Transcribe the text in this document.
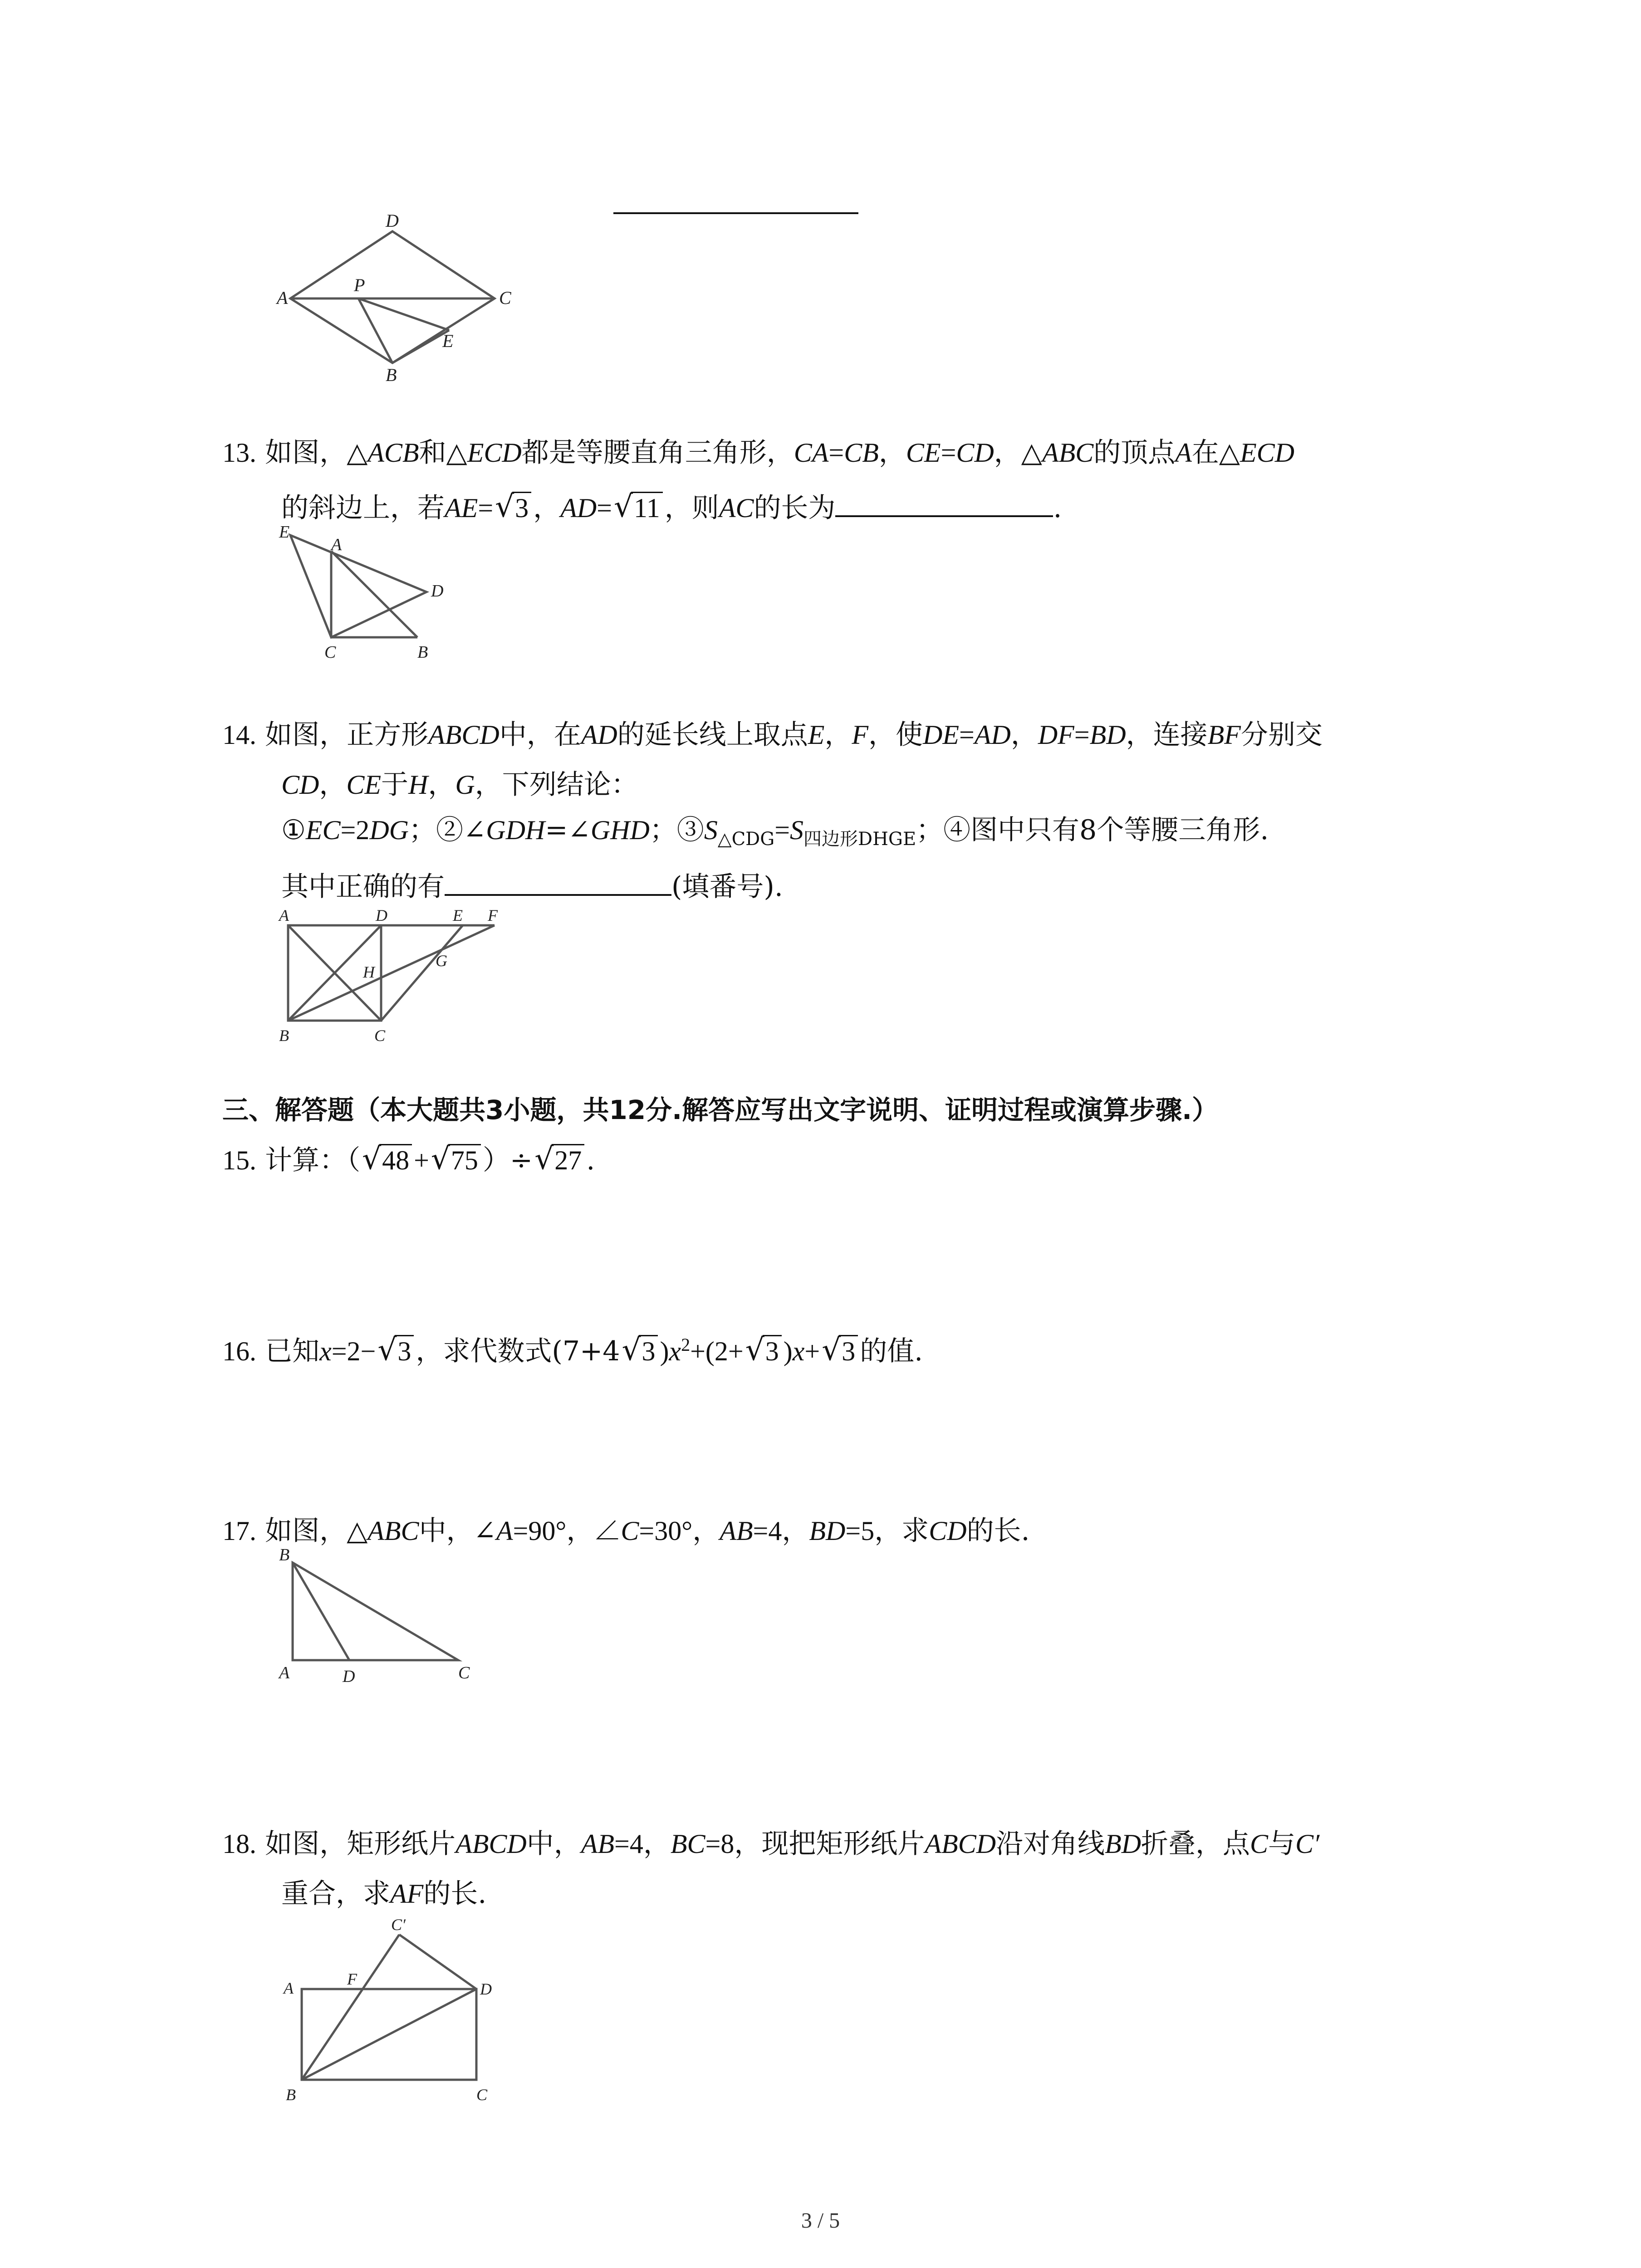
D
A
P
C
E
B
13. 如图，△ACB和△ECD都是等腰直角三角形，CA=CB，CE=CD，△ABC的顶点A在△ECD
的斜边上，若AE= √ 3 ，AD= √ 11 ，则AC的长为	.
E
A
D
C	B
14. 如图，正方形ABCD中，在AD的延长线上取点E，F，使DE=AD，DF=BD，连接BF分别交
CD，CE于H，G，下列结论：
①EC=2DG；②∠GDH=∠GHD；$③S_{\triangle CDG}=S_{四边形DHGE}$；④图中只有8个等腰三角形.
其中正确的有	(填番号).
A	D	E F
H
G
B	C
三、解答题（本大题共3小题，共12分.解答应写出文字说明、证明过程或演算步骤.）
15. 计算：（ √ 48 + √ 75 ）÷ √ 27 .
16. 已知x=2− √ 3 ，求代数式(7+4 √ 3 )$x^2+(2+$ √ 3 )x+ √ 3 的值.
17. 如图，△ABC中，∠A=90°，∠C=30°，AB=4，BD=5，求CD的长.
B
A	D	C
18. 如图，矩形纸片ABCD中，AB=4，BC=8，现把矩形纸片ABCD沿对角线BD折叠，点C与C′
重合，求AF的长.
C′
A	F
D
B	C
3 / 5
